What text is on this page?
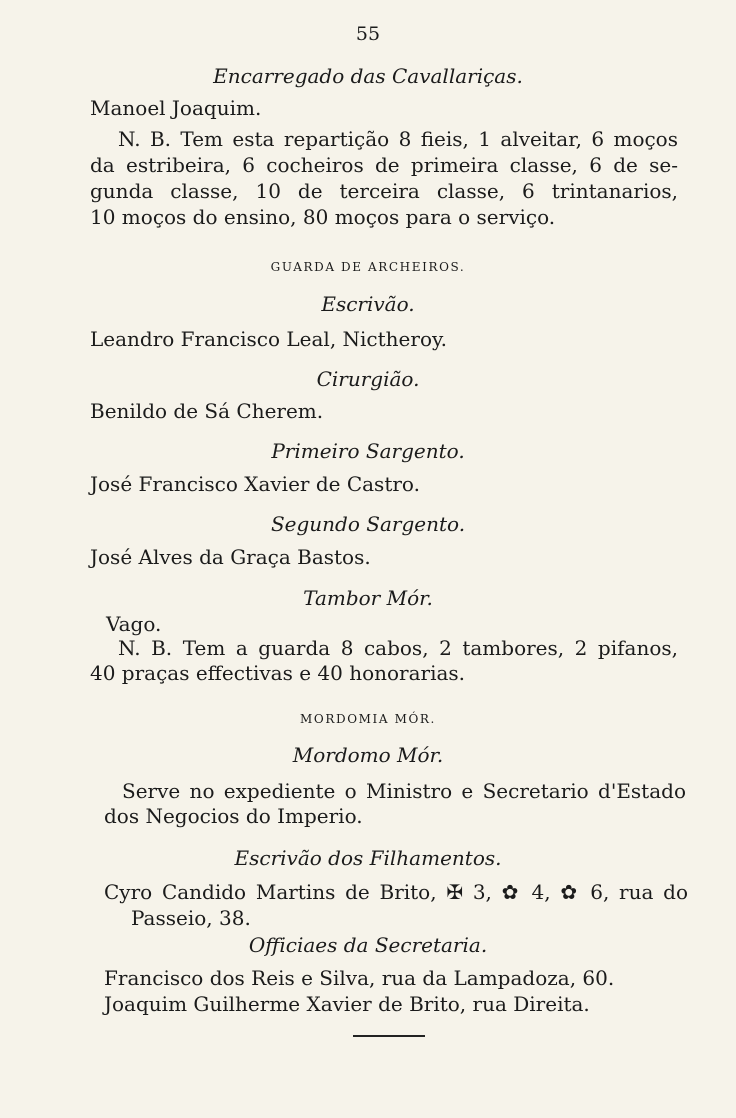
55
Encarregado das Cavallariças.
Manoel Joaquim.
N. B. Tem esta repartição 8 fieis, 1 alveitar, 6 moços
da estribeira, 6 cocheiros de primeira classe, 6 de se-
gunda classe, 10 de terceira classe, 6 trintanarios,
10 moços do ensino, 80 moços para o serviço.
GUARDA DE ARCHEIROS.
Escrivão.
Leandro Francisco Leal, Nictheroy.
Cirurgião.
Benildo de Sá Cherem.
Primeiro Sargento.
José Francisco Xavier de Castro.
Segundo Sargento.
José Alves da Graça Bastos.
Tambor Mór.
Vago.
N. B. Tem a guarda 8 cabos, 2 tambores, 2 pifanos,
40 praças effectivas e 40 honorarias.
MORDOMIA MÓR.
Mordomo Mór.
Serve no expediente o Ministro e Secretario d'Estado
dos Negocios do Imperio.
Escrivão dos Filhamentos.
Cyro Candido Martins de Brito, ✠ 3, ✿ 4, ✿ 6, rua do
Passeio, 38.
Officiaes da Secretaria.
Francisco dos Reis e Silva, rua da Lampadoza, 60.
Joaquim Guilherme Xavier de Brito, rua Direita.
